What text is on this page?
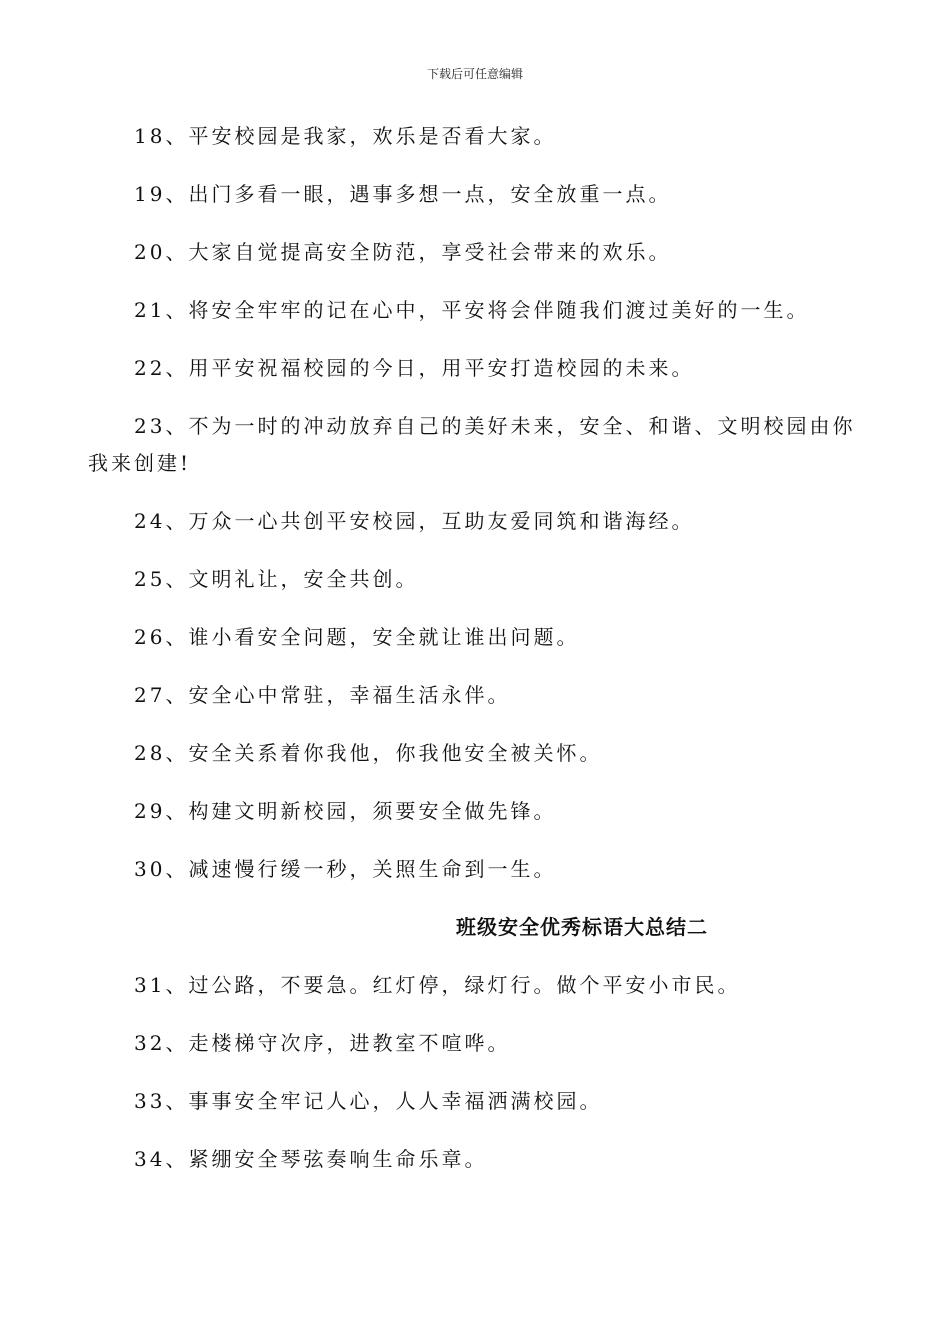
下载后可任意编辑

18、平安校园是我家，欢乐是否看大家。

19、出门多看一眼，遇事多想一点，安全放重一点。

20、大家自觉提高安全防范，享受社会带来的欢乐。

21、将安全牢牢的记在心中，平安将会伴随我们渡过美好的一生。

22、用平安祝福校园的今日，用平安打造校园的未来。

23、不为一时的冲动放弃自己的美好未来，安全、和谐、文明校园由你我来创建!

24、万众一心共创平安校园，互助友爱同筑和谐海经。

25、文明礼让，安全共创。

26、谁小看安全问题，安全就让谁出问题。

27、安全心中常驻，幸福生活永伴。

28、安全关系着你我他，你我他安全被关怀。

29、构建文明新校园，须要安全做先锋。

30、减速慢行缓一秒，关照生命到一生。

班级安全优秀标语大总结二

31、过公路，不要急。红灯停，绿灯行。做个平安小市民。

32、走楼梯守次序，进教室不喧哗。

33、事事安全牢记人心，人人幸福洒满校园。

34、紧绷安全琴弦奏响生命乐章。
